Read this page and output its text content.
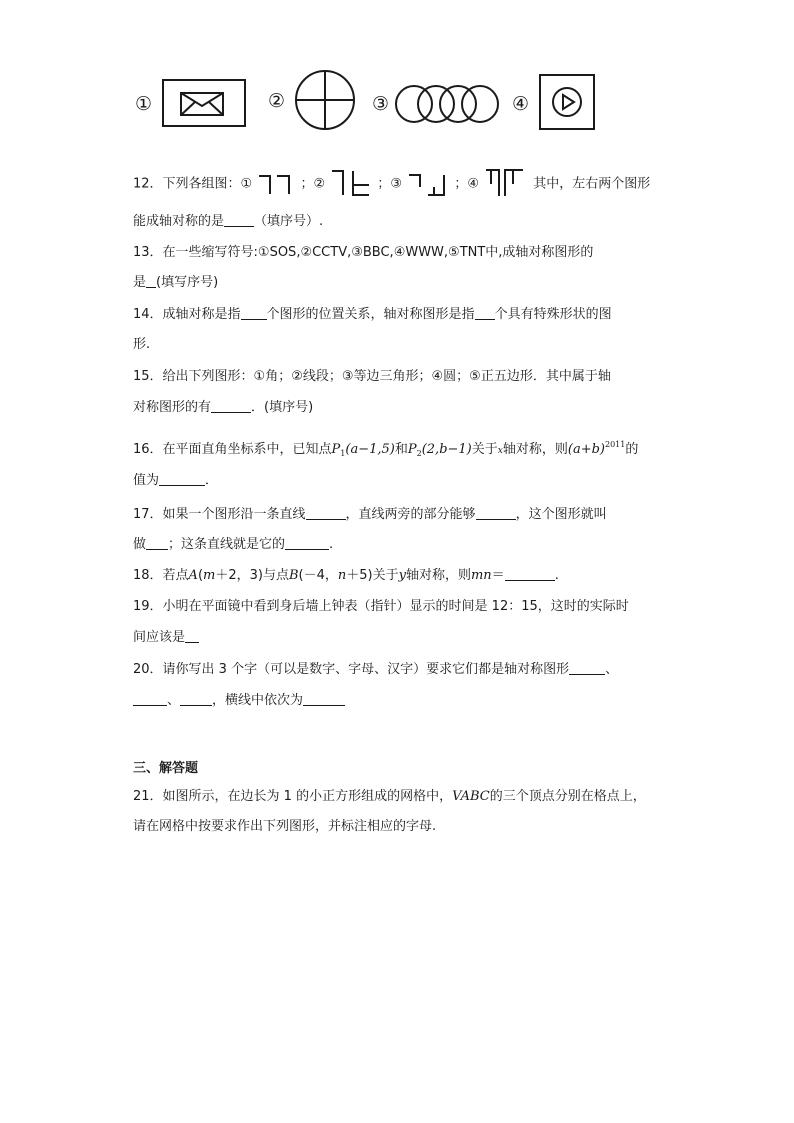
①	②	③	④
12．下列各组图：①	；②	；③	；④	其中，左右两个图形
能成轴对称的是 （填序号）.
13．在一些缩写符号:①SOS,②CCTV,③BBC,④WWW,⑤TNT中,成轴对称图形的
是 (填写序号)
14．成轴对称是指 个图形的位置关系，轴对称图形是指 个具有特殊形状的图
形.
15．给出下列图形：①角；②线段；③等边三角形；④圆；⑤正五边形．其中属于轴
对称图形的有	．(填序号)
16．在平面直角坐标系中，已知点$P_1(a-1,5)$和$P_2(2,b-1)$关于x轴对称，则$(a+b)^{2011}$的
值为	．
17．如果一个图形沿一条直线	，直线两旁的部分能够	，这个图形就叫
做 ；这条直线就是它的	.
18．若点A(m＋2，3)与点B(－4，n＋5)关于y轴对称，则mn＝	.
19．小明在平面镜中看到身后墙上钟表（指针）显示的时间是 12：15，这时的实际时
间应该是
20．请你写出 3 个字（可以是数字、字母、汉字）要求它们都是轴对称图形	、
、 ，横线中依次为
三、解答题
21．如图所示，在边长为 1 的小正方形组成的网格中，VABC的三个顶点分别在格点上，
请在网格中按要求作出下列图形，并标注相应的字母.
